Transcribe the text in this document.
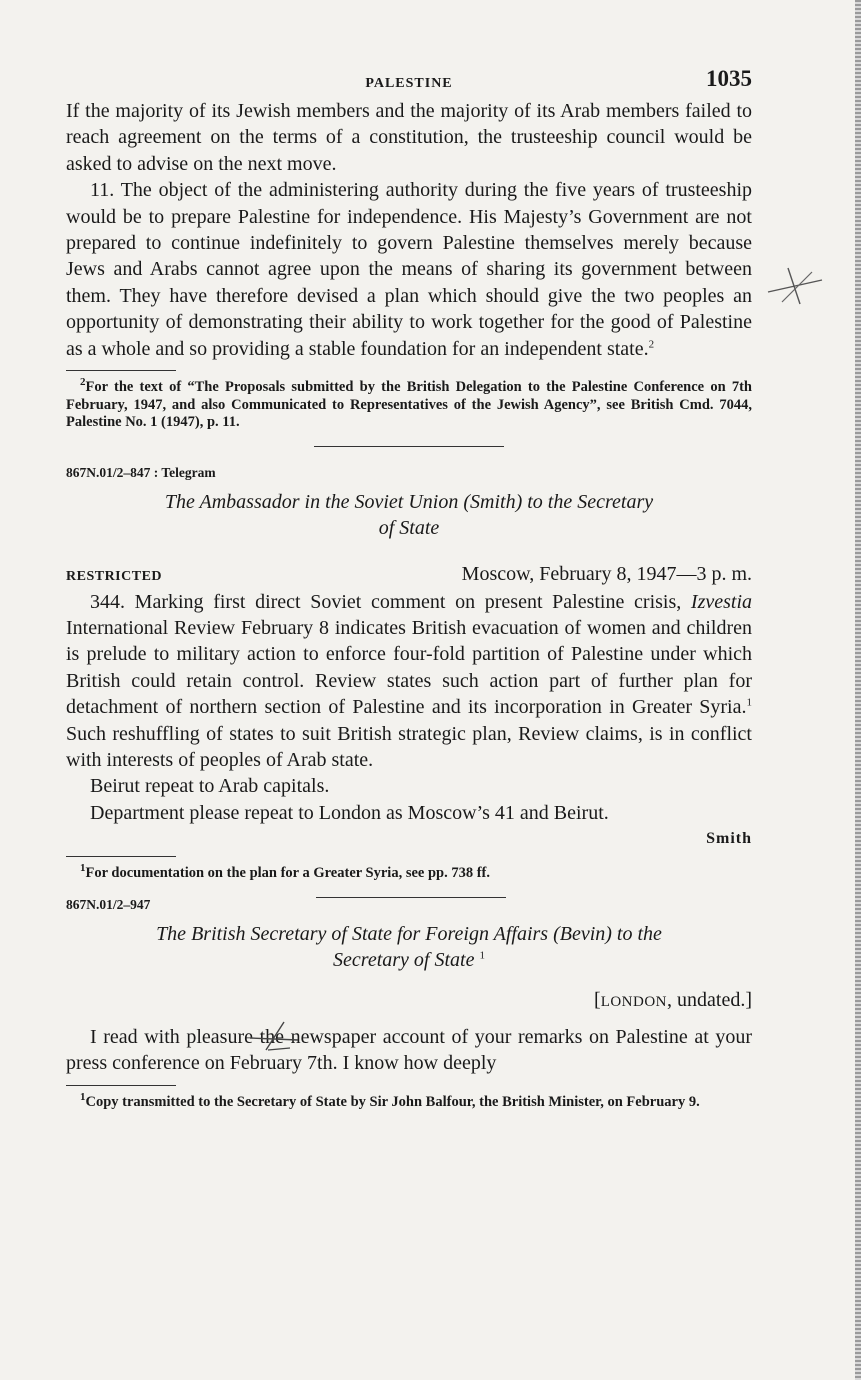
PALESTINE	1035

If the majority of its Jewish members and the majority of its Arab members failed to reach agreement on the terms of a constitution, the trusteeship council would be asked to advise on the next move.

11. The object of the administering authority during the five years of trusteeship would be to prepare Palestine for independence. His Majesty’s Government are not prepared to continue indefinitely to govern Palestine themselves merely because Jews and Arabs cannot agree upon the means of sharing its government between them. They have therefore devised a plan which should give the two peoples an opportunity of demonstrating their ability to work together for the good of Palestine as a whole and so providing a stable foundation for an independent state.$^2$

$^2$For the text of “The Proposals submitted by the British Delegation to the Palestine Conference on 7th February, 1947, and also Communicated to Representatives of the Jewish Agency”, see British Cmd. 7044, Palestine No. 1 (1947), p. 11.

867N.01/2–847 : Telegram
The Ambassador in the Soviet Union (Smith) to the Secretary
of State
RESTRICTED	Moscow, February 8, 1947—3 p. m.

344. Marking first direct Soviet comment on present Palestine crisis, Izvestia International Review February 8 indicates British evacuation of women and children is prelude to military action to enforce four-fold partition of Palestine under which British could retain control. Review states such action part of further plan for detachment of northern section of Palestine and its incorporation in Greater Syria.$^1$ Such reshuffling of states to suit British strategic plan, Review claims, is in conflict with interests of peoples of Arab state.

Beirut repeat to Arab capitals.

Department please repeat to London as Moscow’s 41 and Beirut.

Smith

$^1$For documentation on the plan for a Greater Syria, see pp. 738 ff.

867N.01/2–947
The British Secretary of State for Foreign Affairs (Bevin) to the
Secretary of State $^1$
[LONDON, undated.]

I read with pleasure the newspaper account of your remarks on Palestine at your press conference on February 7th. I know how deeply

$^1$Copy transmitted to the Secretary of State by Sir John Balfour, the British Minister, on February 9.
